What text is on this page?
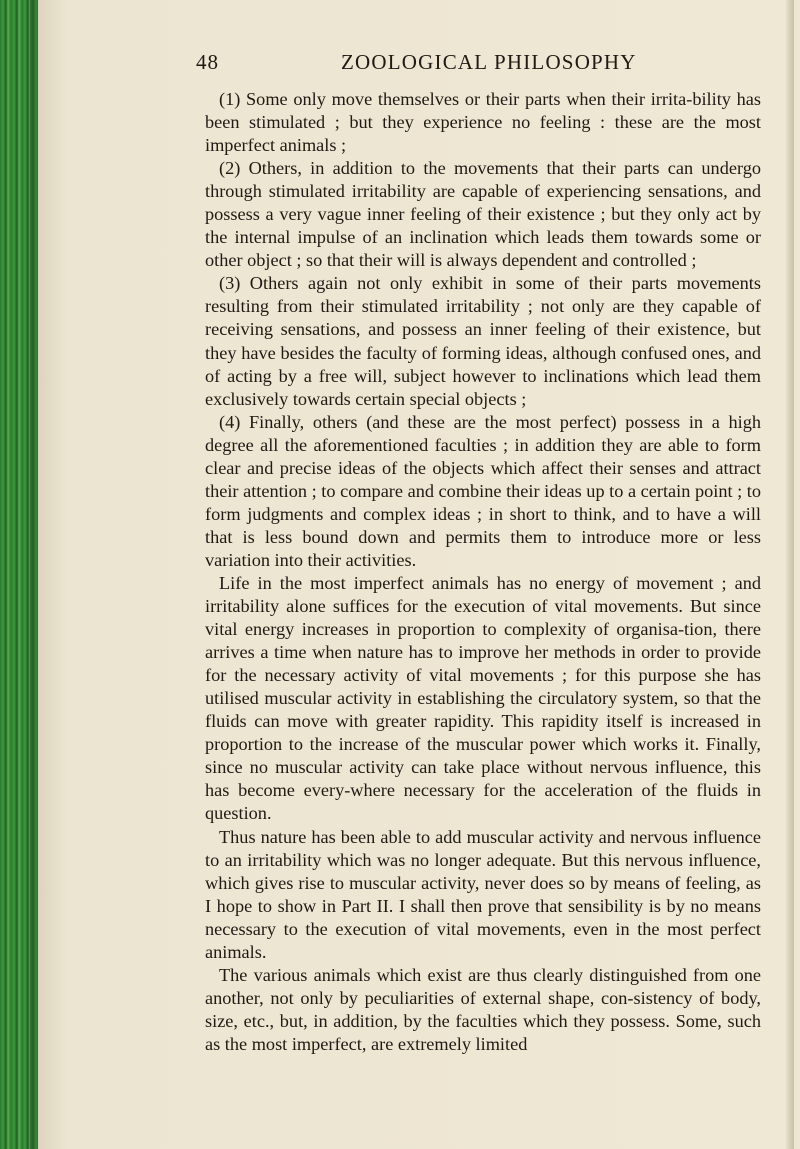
48	ZOOLOGICAL PHILOSOPHY

(1) Some only move themselves or their parts when their irrita-bility has been stimulated ; but they experience no feeling : these are the most imperfect animals ;

(2) Others, in addition to the movements that their parts can undergo through stimulated irritability are capable of experiencing sensations, and possess a very vague inner feeling of their existence ; but they only act by the internal impulse of an inclination which leads them towards some or other object ; so that their will is always dependent and controlled ;

(3) Others again not only exhibit in some of their parts movements resulting from their stimulated irritability ; not only are they capable of receiving sensations, and possess an inner feeling of their existence, but they have besides the faculty of forming ideas, although confused ones, and of acting by a free will, subject however to inclinations which lead them exclusively towards certain special objects ;

(4) Finally, others (and these are the most perfect) possess in a high degree all the aforementioned faculties ; in addition they are able to form clear and precise ideas of the objects which affect their senses and attract their attention ; to compare and combine their ideas up to a certain point ; to form judgments and complex ideas ; in short to think, and to have a will that is less bound down and permits them to introduce more or less variation into their activities.

Life in the most imperfect animals has no energy of movement ; and irritability alone suffices for the execution of vital movements. But since vital energy increases in proportion to complexity of organisa-tion, there arrives a time when nature has to improve her methods in order to provide for the necessary activity of vital movements ; for this purpose she has utilised muscular activity in establishing the circulatory system, so that the fluids can move with greater rapidity. This rapidity itself is increased in proportion to the increase of the muscular power which works it. Finally, since no muscular activity can take place without nervous influence, this has become every-where necessary for the acceleration of the fluids in question.

Thus nature has been able to add muscular activity and nervous influence to an irritability which was no longer adequate. But this nervous influence, which gives rise to muscular activity, never does so by means of feeling, as I hope to show in Part II. I shall then prove that sensibility is by no means necessary to the execution of vital movements, even in the most perfect animals.

The various animals which exist are thus clearly distinguished from one another, not only by peculiarities of external shape, con-sistency of body, size, etc., but, in addition, by the faculties which they possess. Some, such as the most imperfect, are extremely limited
